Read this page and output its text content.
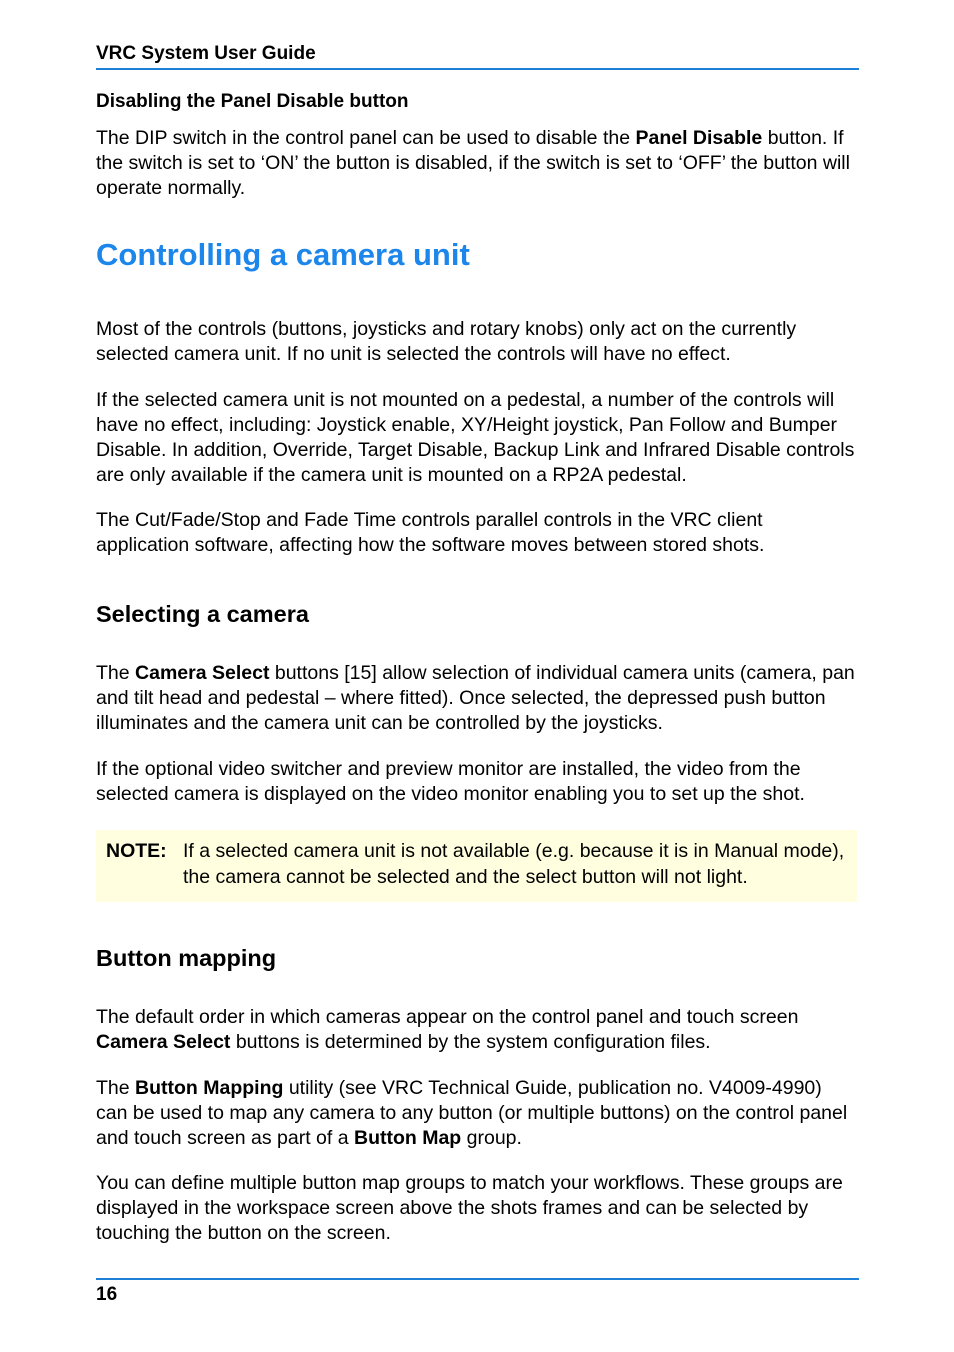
VRC System User Guide
Disabling the Panel Disable button

The DIP switch in the control panel can be used to disable the Panel Disable button. If the switch is set to ‘ON’ the button is disabled, if the switch is set to ‘OFF’ the button will operate normally.

Controlling a camera unit

Most of the controls (buttons, joysticks and rotary knobs) only act on the currently selected camera unit. If no unit is selected the controls will have no effect.

If the selected camera unit is not mounted on a pedestal, a number of the controls will have no effect, including: Joystick enable, XY/Height joystick, Pan Follow and Bumper Disable. In addition, Override, Target Disable, Backup Link and Infrared Disable controls are only available if the camera unit is mounted on a RP2A pedestal.

The Cut/Fade/Stop and Fade Time controls parallel controls in the VRC client application software, affecting how the software moves between stored shots.

Selecting a camera

The Camera Select buttons [15] allow selection of individual camera units (camera, pan and tilt head and pedestal – where fitted). Once selected, the depressed push button illuminates and the camera unit can be controlled by the joysticks.

If the optional video switcher and preview monitor are installed, the video from the selected camera is displayed on the video monitor enabling you to set up the shot.

NOTE: If a selected camera unit is not available (e.g. because it is in Manual mode), the camera cannot be selected and the select button will not light.
Button mapping

The default order in which cameras appear on the control panel and touch screen Camera Select buttons is determined by the system configuration files.

The Button Mapping utility (see VRC Technical Guide, publication no. V4009-4990) can be used to map any camera to any button (or multiple buttons) on the control panel and touch screen as part of a Button Map group.

You can define multiple button map groups to match your workflows. These groups are displayed in the workspace screen above the shots frames and can be selected by touching the button on the screen.

16
